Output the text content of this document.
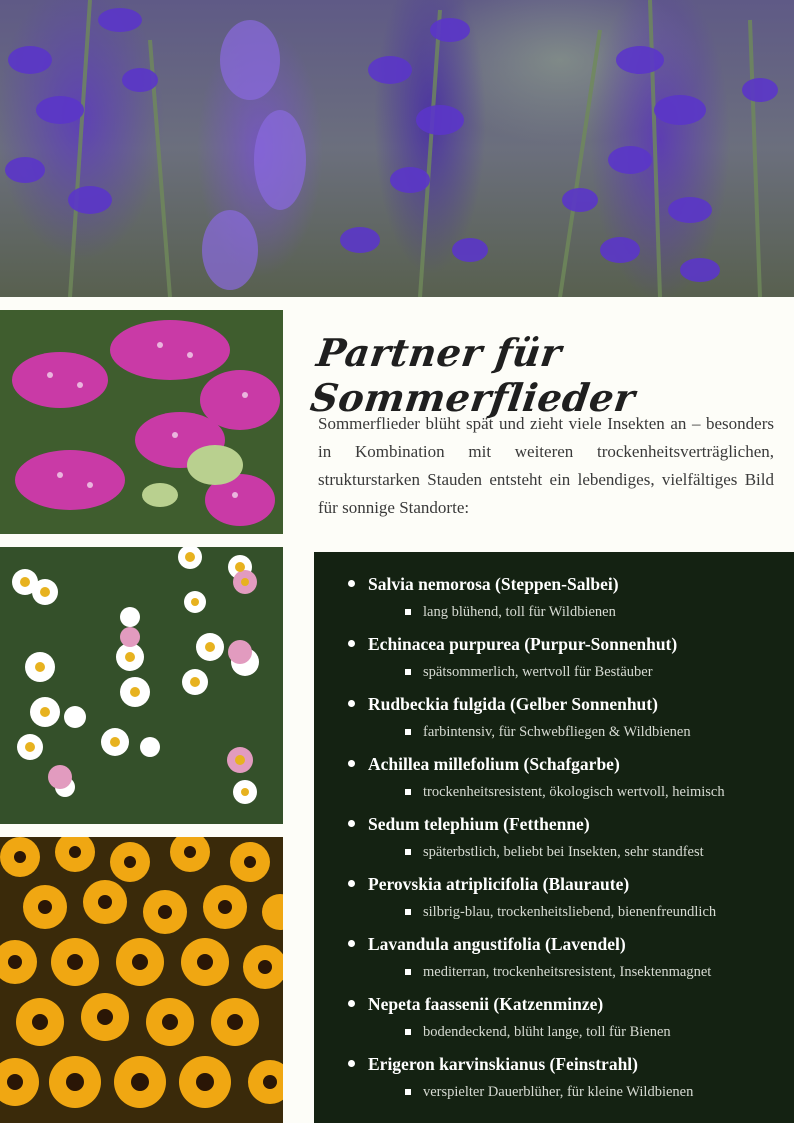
Partner für Sommerflieder

Sommerflieder blüht spät und zieht viele Insekten an – besonders in Kombination mit weiteren trockenheitsverträglichen, strukturstarken Stauden entsteht ein lebendiges, vielfältiges Bild für sonnige Standorte:

Salvia nemorosa (Steppen-Salbei)
lang blühend, toll für Wildbienen
Echinacea purpurea (Purpur-Sonnenhut)
spätsommerlich, wertvoll für Bestäuber
Rudbeckia fulgida (Gelber Sonnenhut)
farbintensiv, für Schwebfliegen & Wildbienen
Achillea millefolium (Schafgarbe)
trockenheitsresistent, ökologisch wertvoll, heimisch
Sedum telephium (Fetthenne)
späterbstlich, beliebt bei Insekten, sehr standfest
Perovskia atriplicifolia (Blauraute)
silbrig-blau, trockenheitsliebend, bienenfreundlich
Lavandula angustifolia (Lavendel)
mediterran, trockenheitsresistent, Insektenmagnet
Nepeta faassenii (Katzenminze)
bodendeckend, blüht lange, toll für Bienen
Erigeron karvinskianus (Feinstrahl)
verspielter Dauerblüher, für kleine Wildbienen
